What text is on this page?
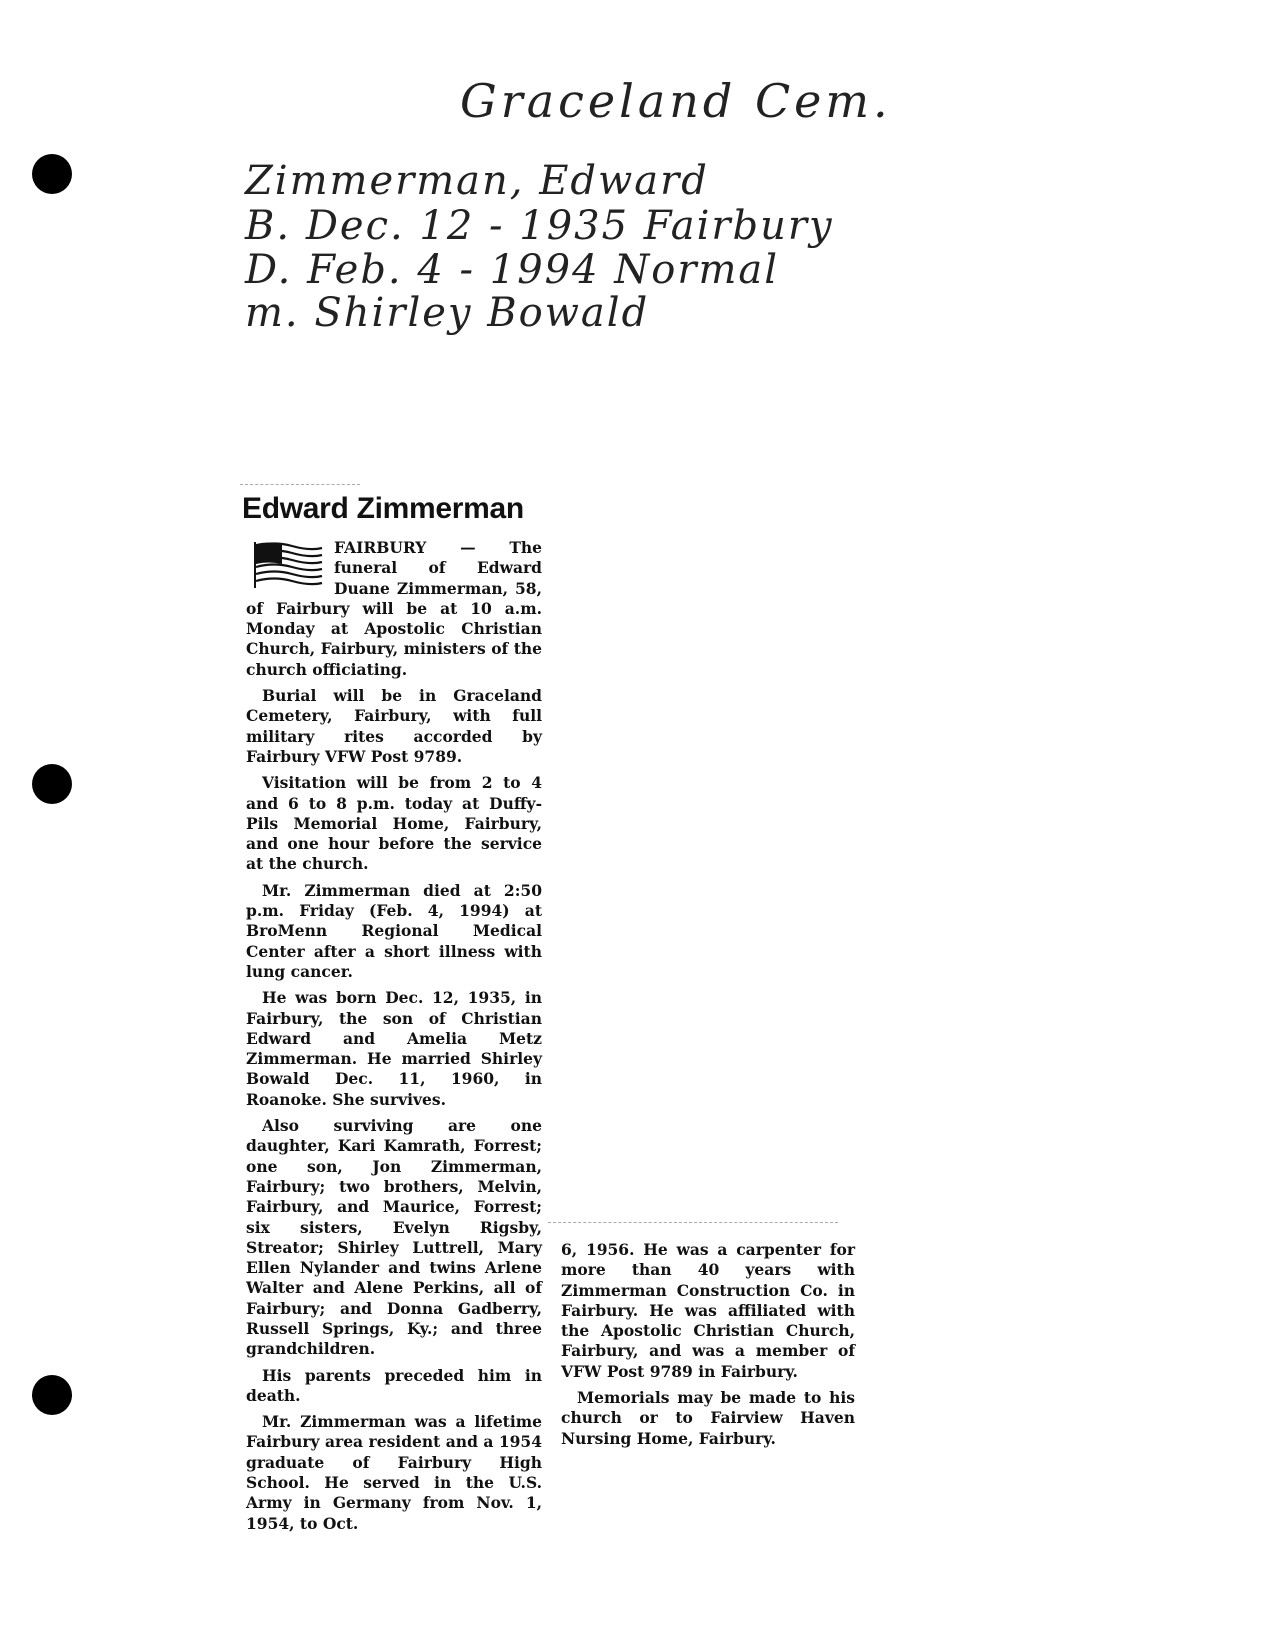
Graceland Cem.
Zimmerman, Edward
B. Dec. 12 - 1935 Fairbury
D. Feb. 4 - 1994 Normal
m. Shirley Bowald
Edward Zimmerman

FAIRBURY — The funeral of Edward Duane Zimmerman, 58, of Fairbury will be at 10 a.m. Monday at Apostolic Christian Church, Fairbury, ministers of the church officiating.

Burial will be in Graceland Cemetery, Fairbury, with full military rites accorded by Fairbury VFW Post 9789.

Visitation will be from 2 to 4 and 6 to 8 p.m. today at Duffy-Pils Memorial Home, Fairbury, and one hour before the service at the church.

Mr. Zimmerman died at 2:50 p.m. Friday (Feb. 4, 1994) at BroMenn Regional Medical Center after a short illness with lung cancer.

He was born Dec. 12, 1935, in Fairbury, the son of Christian Edward and Amelia Metz Zimmerman. He married Shirley Bowald Dec. 11, 1960, in Roanoke. She survives.

Also surviving are one daughter, Kari Kamrath, Forrest; one son, Jon Zimmerman, Fairbury; two brothers, Melvin, Fairbury, and Maurice, Forrest; six sisters, Evelyn Rigsby, Streator; Shirley Luttrell, Mary Ellen Nylander and twins Arlene Walter and Alene Perkins, all of Fairbury; and Donna Gadberry, Russell Springs, Ky.; and three grandchildren.

His parents preceded him in death.

Mr. Zimmerman was a lifetime Fairbury area resident and a 1954 graduate of Fairbury High School. He served in the U.S. Army in Germany from Nov. 1, 1954, to Oct.

6, 1956. He was a carpenter for more than 40 years with Zimmerman Construction Co. in Fairbury. He was affiliated with the Apostolic Christian Church, Fairbury, and was a member of VFW Post 9789 in Fairbury.

Memorials may be made to his church or to Fairview Haven Nursing Home, Fairbury.
